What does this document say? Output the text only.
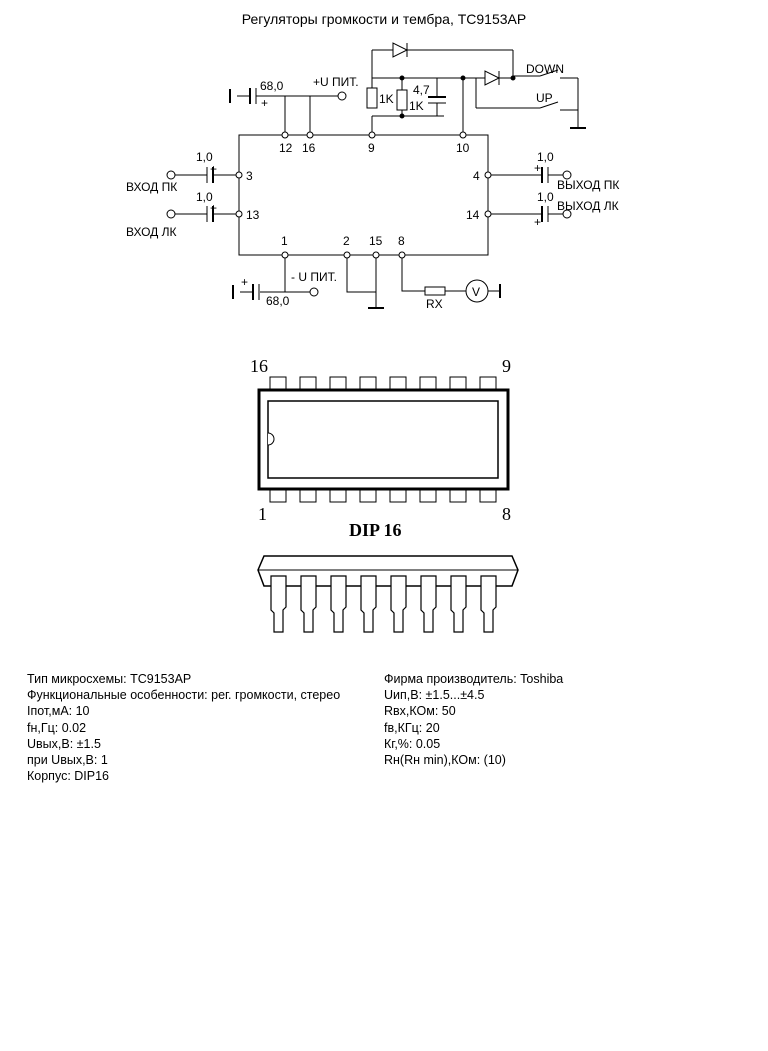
Регуляторы громкости и тембра, TC9153AP
68,0
+
+U ПИТ.
1K 1K
4,7
DOWN
UP
12 16	9	10
3
13
4
14
1	2 15 8
1,0
+
1,0
+
ВХОД ПК
ВХОД ЛК
1,0
+
1,0
+
ВЫХОД ПК
ВЫХОД ЛК
- U ПИТ.
+
68,0	RX
V
16	9
1	8
DIP 16
Тип микросхемы: TC9153AP
Функциональные особенности: рег. громкости, стерео
Iпот,мА: 10
fн,Гц: 0.02
Uвых,В: ±1.5
при Uвых,В: 1
Корпус: DIP16
Фирма производитель: Toshiba
Uип,В: ±1.5...±4.5
Rвх,КОм: 50
fв,КГц: 20
Кг,%: 0.05
Rн(Rн min),КОм: (10)
